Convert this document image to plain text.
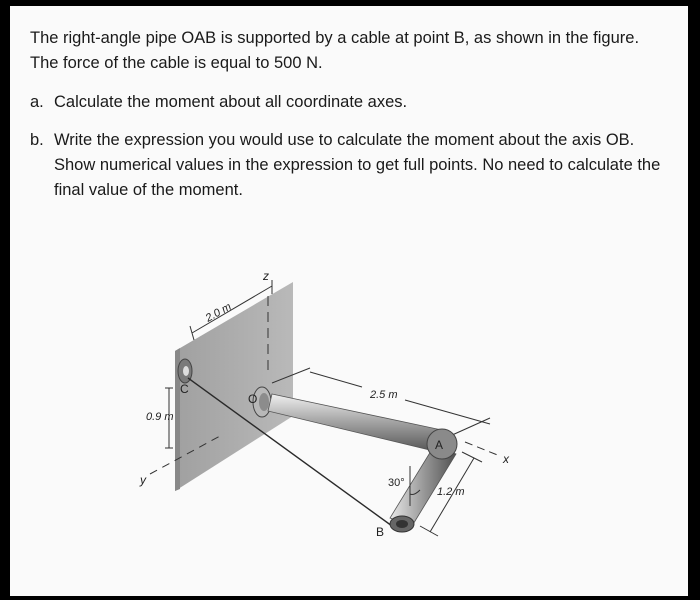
The right-angle pipe OAB is supported by a cable at point B, as shown in the figure. The force of the cable is equal to 500 N.

a. Calculate the moment about all coordinate axes.
b. Write the expression you would use to calculate the moment about the axis OB. Show numerical values in the expression to get full points. No need to calculate the final value of the moment.
z
2.0 m
0.9 m
y
C
O	2.5 m
x
A
B
30°
1.2 m
